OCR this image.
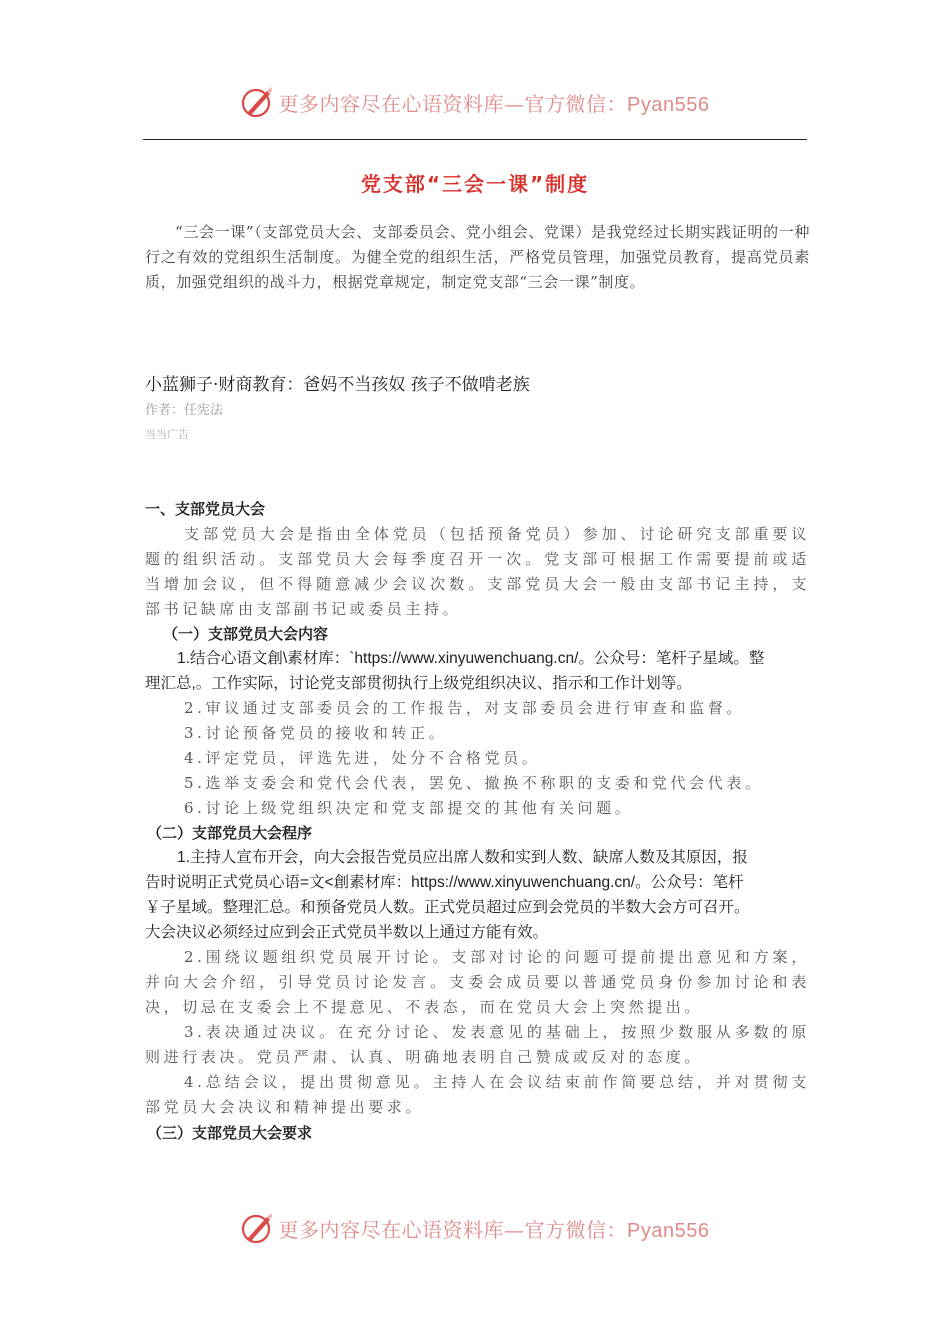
更多内容尽在心语资料库—官方微信：Pyan556
党支部“三会一课”制度
“三会一课”（支部党员大会、支部委员会、党小组会、党课）是我党经过长期实践证明的一种行之有效的党组织生活制度。为健全党的组织生活，严格党员管理，加强党员教育，提高党员素质，加强党组织的战斗力，根据党章规定，制定党支部“三会一课”制度。
小蓝狮子·财商教育：爸妈不当孩奴 孩子不做啃老族
作者：任宪法
当当广告
一、支部党员大会
支部党员大会是指由全体党员（包括预备党员）参加、讨论研究支部重要议题的组织活动。支部党员大会每季度召开一次。党支部可根据工作需要提前或适当增加会议，但不得随意减少会议次数。支部党员大会一般由支部书记主持，支部书记缺席由支部副书记或委员主持。
（一）支部党员大会内容
1.结合心语文創\素材库：`https://www.xinyuwenchuang.cn/。公众号：笔杆子星域。整
理汇总,。工作实际，讨论党支部贯彻执行上级党组织决议、指示和工作计划等。
2.审议通过支部委员会的工作报告，对支部委员会进行审查和监督。
3.讨论预备党员的接收和转正。
4.评定党员，评选先进，处分不合格党员。
5.选举支委会和党代会代表，罢免、撤换不称职的支委和党代会代表。
6.讨论上级党组织决定和党支部提交的其他有关问题。
（二）支部党员大会程序
1.主持人宣布开会，向大会报告党员应出席人数和实到人数、缺席人数及其原因，报
告时说明正式党员心语=文<創素材库：https://www.xinyuwenchuang.cn/。公众号：笔杆
￥子星域。整理汇总。和预备党员人数。正式党员超过应到会党员的半数大会方可召开。
大会决议必须经过应到会正式党员半数以上通过方能有效。
2.围绕议题组织党员展开讨论。支部对讨论的问题可提前提出意见和方案，并向大会介绍，引导党员讨论发言。支委会成员要以普通党员身份参加讨论和表决，切忌在支委会上不提意见、不表态，而在党员大会上突然提出。
3.表决通过决议。在充分讨论、发表意见的基础上，按照少数服从多数的原则进行表决。党员严肃、认真、明确地表明自己赞成或反对的态度。
4.总结会议，提出贯彻意见。主持人在会议结束前作简要总结，并对贯彻支部党员大会决议和精神提出要求。
（三）支部党员大会要求
更多内容尽在心语资料库—官方微信：Pyan556
